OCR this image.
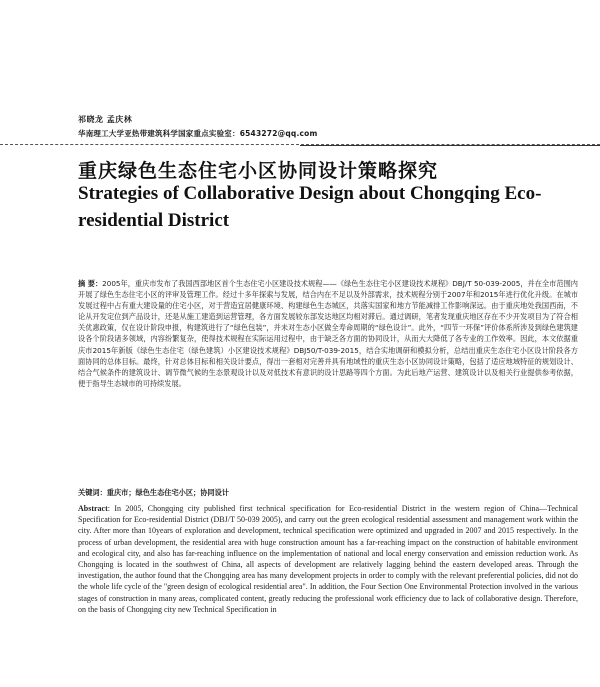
祁晓龙 孟庆林
华南理工大学亚热带建筑科学国家重点实验室：6543272@qq.com
重庆绿色生态住宅小区协同设计策略探究
Strategies of Collaborative Design about Chongqing Eco-residential District
摘 要：2005年，重庆市发布了我国西部地区首个生态住宅小区建设技术规程——《绿色生态住宅小区建设技术规程》DBJ/T 50-039-2005，并在全市范围内开展了绿色生态住宅小区的评审及管理工作。经过十多年探索与发展，结合内在不足以及外部需求，技术规程分别于2007年和2015年进行优化升级。在城市发展过程中占有重大建设量的住宅小区，对于营造宜居健康环境、构建绿色生态城区，共落实国家和地方节能减排工作影响深远。由于重庆地处我国西南，不论从开发定位到产品设计，还是从施工建造到运营管理，各方面发展较东部发达地区均相对滞后。通过调研，笔者发现重庆地区存在不少开发项目为了符合相关优惠政策，仅在设计阶段申报，构建筑进行了“绿色包装”，并未对生态小区做全寿命周期的“绿色设计”。此外，“四节一环保”评价体系所涉及到绿色建筑建设各个阶段诸多领域，内容纷繁复杂，使得技术规程在实际运用过程中，由于缺乏各方面的协同设计，从而大大降低了各专业的工作效率。因此，本文依据重庆市2015年新版《绿色生态住宅（绿色建筑）小区建设技术规程》DBJ50/T-039-2015，结合实地调研和模拟分析，总结出重庆生态住宅小区设计阶段各方面协同的总体目标。最终，针对总体目标和相关设计要点，得出一套相对完善并具有地域性的重庆生态小区协同设计策略，包括了适应地域特征的规划设计、结合气候条件的建筑设计、调节微气候的生态景观设计以及对低技术有意识的设计思路等四个方面。为此后地产运营、建筑设计以及相关行业提供参考依据，便于指导生态城市的可持续发展。
关键词：重庆市；绿色生态住宅小区；协同设计
Abstract: In 2005, Chongqing city published first technical specification for Eco-residential District in the western region of China—Technical Specification for Eco-residential District (DBJ/T 50-039 2005), and carry out the green ecological residential assessment and management work within the city. After more than 10years of exploration and development, technical specification were optimized and upgraded in 2007 and 2015 respectively. In the process of urban development, the residential area with huge construction amount has a far-reaching impact on the construction of habitable environment and ecological city, and also has far-reaching influence on the implementation of national and local energy conservation and emission reduction work. As Chongqing is located in the southwest of China, all aspects of development are relatively lagging behind the eastern developed areas. Through the investigation, the author found that the Chongqing area has many development projects in order to comply with the relevant preferential policies, did not do the whole life cycle of the "green design of ecological residential area". In addition, the Four Section One Environmental Protection involved in the various stages of construction in many areas, complicated content, greatly reducing the professional work efficiency due to lack of collaborative design. Therefore, on the basis of Chongqing city new Technical Specification in
